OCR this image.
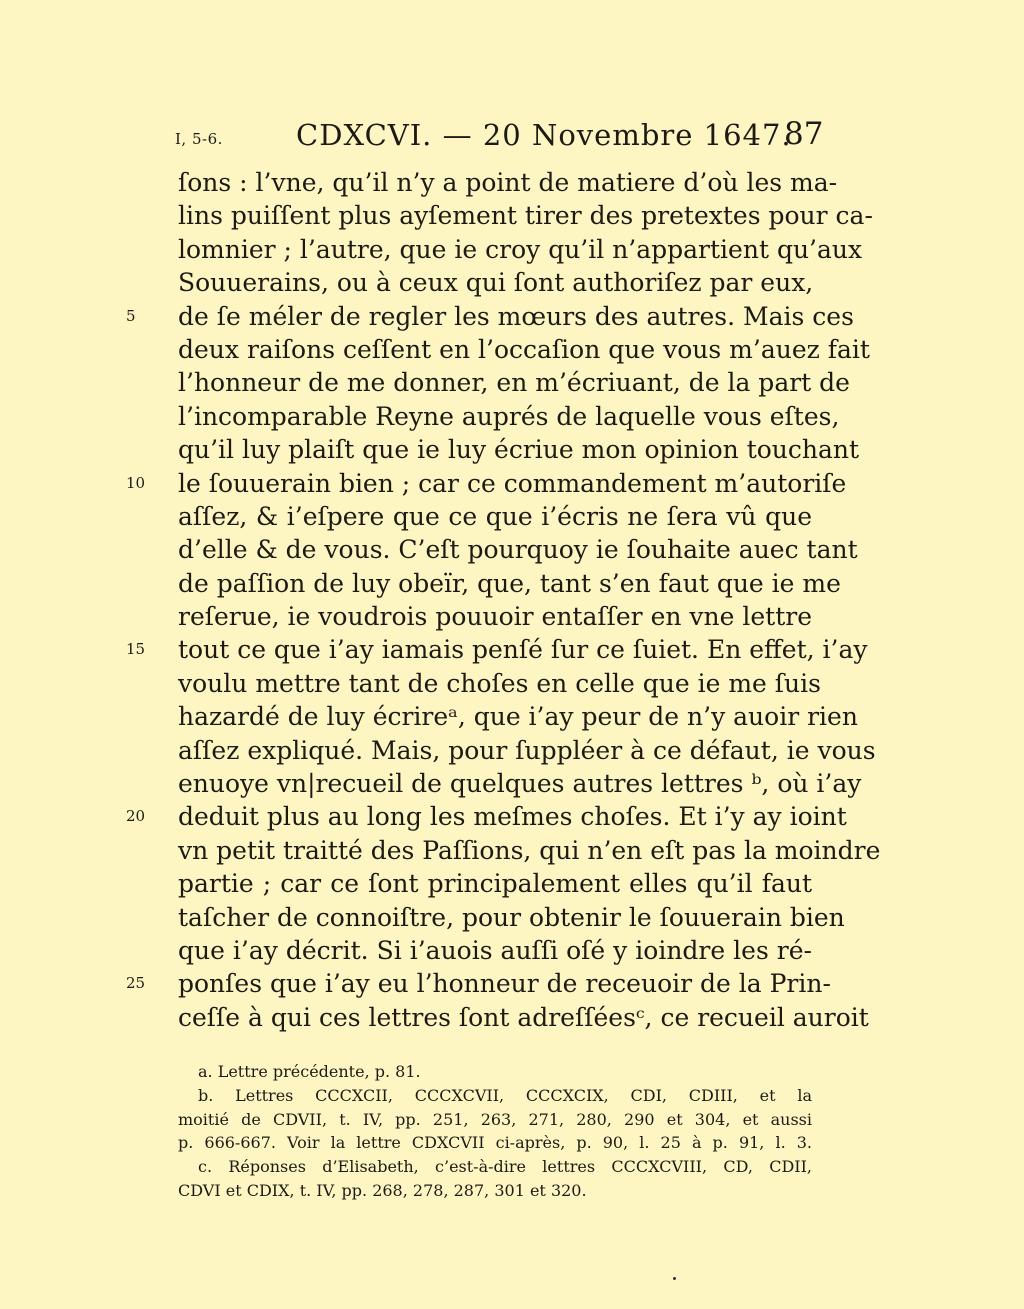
I, 5-6.	CDXCVI. — 20 Novembre 1647.
87
ſons : l’vne, qu’il n’y a point de matiere d’où les ma-
lins puiſſent plus ayſement tirer des pretextes pour ca-
lomnier ; l’autre, que ie croy qu’il n’appartient qu’aux
Souuerains, ou à ceux qui ſont authoriſez par eux,
5	de ſe méler de regler les mœurs des autres. Mais ces
deux raiſons ceſſent en l’occaſion que vous m’auez fait
l’honneur de me donner, en m’écriuant, de la part de
l’incomparable Reyne auprés de laquelle vous eſtes,
qu’il luy plaiſt que ie luy écriue mon opinion touchant
10	le ſouuerain bien ; car ce commandement m’autoriſe
aſſez, & i’eſpere que ce que i’écris ne ſera vû que
d’elle & de vous. C’eſt pourquoy ie ſouhaite auec tant
de paſſion de luy obeïr, que, tant s’en faut que ie me
reſerue, ie voudrois pouuoir entaſſer en vne lettre
15	tout ce que i’ay iamais penſé ſur ce ſuiet. En effet, i’ay
voulu mettre tant de choſes en celle que ie me ſuis
hazardé de luy écrireᵃ, que i’ay peur de n’y auoir rien
aſſez expliqué. Mais, pour ſuppléer à ce défaut, ie vous
enuoye vn|recueil de quelques autres lettres ᵇ, où i’ay
20	deduit plus au long les meſmes choſes. Et i’y ay ioint
vn petit traitté des Paſſions, qui n’en eſt pas la moindre
partie ; car ce ſont principalement elles qu’il faut
taſcher de connoiſtre, pour obtenir le ſouuerain bien
que i’ay décrit. Si i’auois auſſi oſé y ioindre les ré-
25	ponſes que i’ay eu l’honneur de receuoir de la Prin-
ceſſe à qui ces lettres ſont adreſſéesᶜ, ce recueil auroit
a. Lettre précédente, p. 81.
b. Lettres CCCXCII, CCCXCVII, CCCXCIX, CDI, CDIII, et la
moitié de CDVII, t. IV, pp. 251, 263, 271, 280, 290 et 304, et aussi
p. 666-667. Voir la lettre CDXCVII ci-après, p. 90, l. 25 à p. 91, l. 3.
c. Réponses d’Elisabeth, c’est-à-dire lettres CCCXCVIII, CD, CDII,
CDVI et CDIX, t. IV, pp. 268, 278, 287, 301 et 320.
